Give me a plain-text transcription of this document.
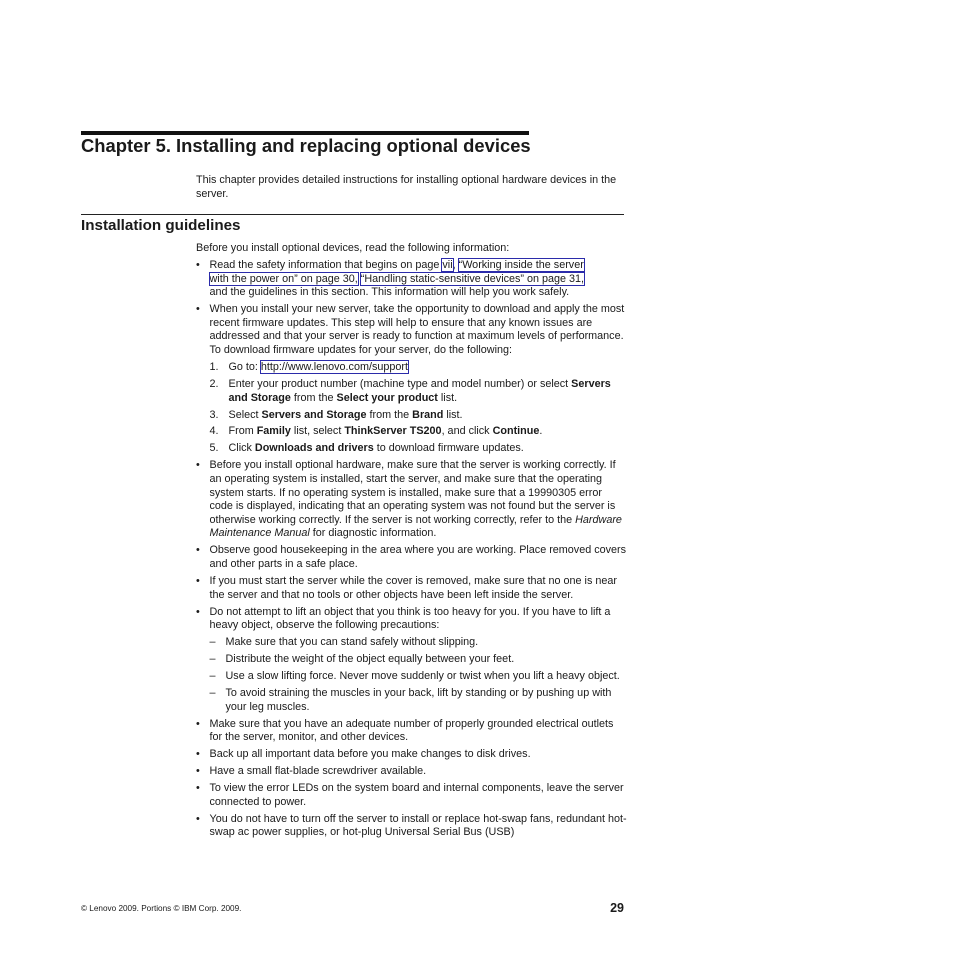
Chapter 5. Installing and replacing optional devices
This chapter provides detailed instructions for installing optional hardware devices in the server.
Installation guidelines
Before you install optional devices, read the following information:
• Read the safety information that begins on page vii, “Working inside the server
with the power on” on page 30, “Handling static-sensitive devices” on page 31,
and the guidelines in this section. This information will help you work safely.
• When you install your new server, take the opportunity to download and apply the most recent firmware updates. This step will help to ensure that any known issues are addressed and that your server is ready to function at maximum levels of performance. To download firmware updates for your server, do the following:
1. Go to: http://www.lenovo.com/support
2. Enter your product number (machine type and model number) or select Servers and Storage from the Select your product list.
3. Select Servers and Storage from the Brand list.
4. From Family list, select ThinkServer TS200, and click Continue.
5. Click Downloads and drivers to download firmware updates.
• Before you install optional hardware, make sure that the server is working correctly. If an operating system is installed, start the server, and make sure that the operating system starts. If no operating system is installed, make sure that a 19990305 error code is displayed, indicating that an operating system was not found but the server is otherwise working correctly. If the server is not working correctly, refer to the Hardware Maintenance Manual for diagnostic information.
• Observe good housekeeping in the area where you are working. Place removed covers and other parts in a safe place.
• If you must start the server while the cover is removed, make sure that no one is near the server and that no tools or other objects have been left inside the server.
• Do not attempt to lift an object that you think is too heavy for you. If you have to lift a heavy object, observe the following precautions:
– Make sure that you can stand safely without slipping.
– Distribute the weight of the object equally between your feet.
– Use a slow lifting force. Never move suddenly or twist when you lift a heavy object.
– To avoid straining the muscles in your back, lift by standing or by pushing up with your leg muscles.
• Make sure that you have an adequate number of properly grounded electrical outlets for the server, monitor, and other devices.
• Back up all important data before you make changes to disk drives.
• Have a small flat-blade screwdriver available.
• To view the error LEDs on the system board and internal components, leave the server connected to power.
• You do not have to turn off the server to install or replace hot-swap fans, redundant hot-swap ac power supplies, or hot-plug Universal Serial Bus (USB)
© Lenovo 2009. Portions © IBM Corp. 2009.	29
